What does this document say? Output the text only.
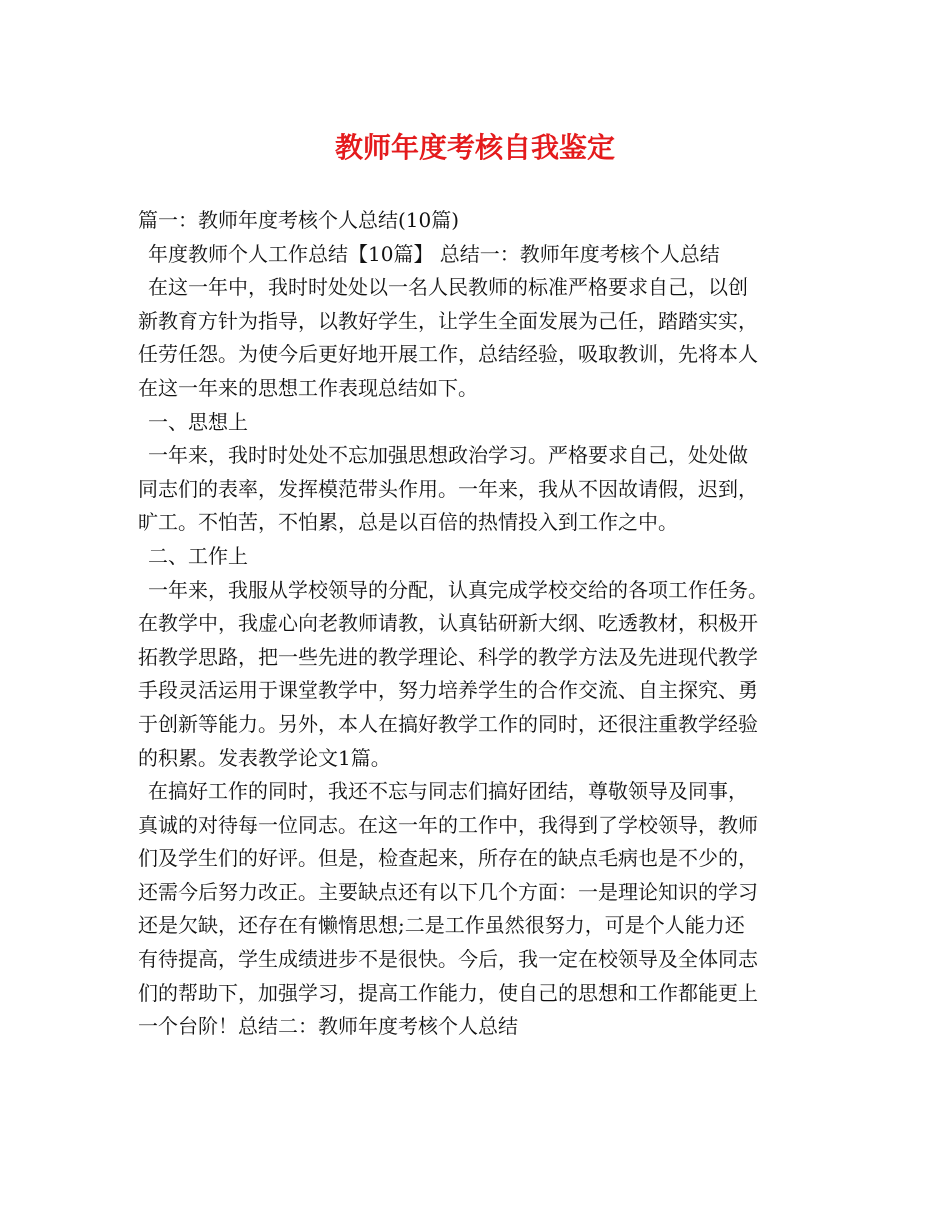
教师年度考核自我鉴定
篇一：教师年度考核个人总结(10篇)
年度教师个人工作总结【10篇】 总结一：教师年度考核个人总结
在这一年中，我时时处处以一名人民教师的标准严格要求自己，以创
新教育方针为指导，以教好学生，让学生全面发展为己任，踏踏实实，
任劳任怨。为使今后更好地开展工作，总结经验，吸取教训，先将本人
在这一年来的思想工作表现总结如下。
一、思想上
一年来，我时时处处不忘加强思想政治学习。严格要求自己，处处做
同志们的表率，发挥模范带头作用。一年来，我从不因故请假，迟到，
旷工。不怕苦，不怕累，总是以百倍的热情投入到工作之中。
二、工作上
一年来，我服从学校领导的分配，认真完成学校交给的各项工作任务。
在教学中，我虚心向老教师请教，认真钻研新大纲、吃透教材，积极开
拓教学思路，把一些先进的教学理论、科学的教学方法及先进现代教学
手段灵活运用于课堂教学中，努力培养学生的合作交流、自主探究、勇
于创新等能力。另外，本人在搞好教学工作的同时，还很注重教学经验
的积累。发表教学论文1篇。
在搞好工作的同时，我还不忘与同志们搞好团结，尊敬领导及同事，
真诚的对待每一位同志。在这一年的工作中，我得到了学校领导，教师
们及学生们的好评。但是，检查起来，所存在的缺点毛病也是不少的，
还需今后努力改正。主要缺点还有以下几个方面：一是理论知识的学习
还是欠缺，还存在有懒惰思想;二是工作虽然很努力，可是个人能力还
有待提高，学生成绩进步不是很快。今后，我一定在校领导及全体同志
们的帮助下，加强学习，提高工作能力，使自己的思想和工作都能更上
一个台阶！总结二：教师年度考核个人总结
